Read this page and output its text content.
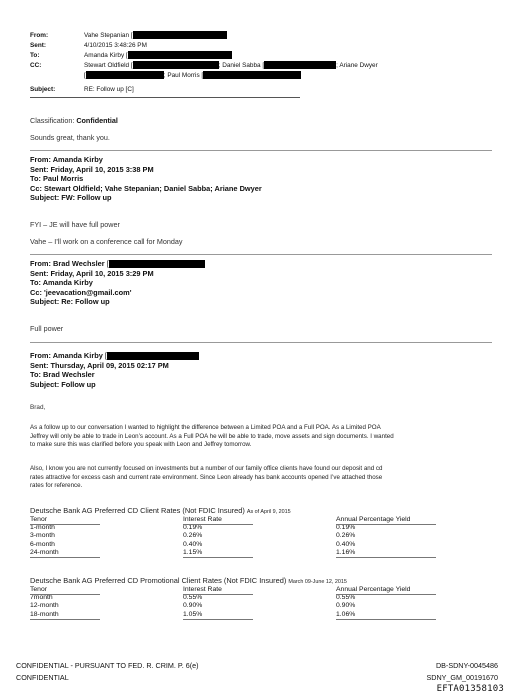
From:	Vahe Stepanian [
Sent:	4/10/2015 3:48:26 PM
To:	Amanda Kirby [
CC:	Stewart Oldfield [	; Daniel Sabba [	; Ariane Dwyer
; Paul Morris [
Subject:	RE: Follow up [C]
Classification: Confidential
Sounds great, thank you.
From: Amanda Kirby
Sent: Friday, April 10, 2015 3:38 PM
To: Paul Morris
Cc: Stewart Oldfield; Vahe Stepanian; Daniel Sabba; Ariane Dwyer
Subject: FW: Follow up
FYI – JE will have full power
Vahe – I’ll work on a conference call for Monday
From: Brad Wechsler [
Sent: Friday, April 10, 2015 3:29 PM
To: Amanda Kirby
Cc: 'jeevacation@gmail.com'
Subject: Re: Follow up
Full power
From: Amanda Kirby [
Sent: Thursday, April 09, 2015 02:17 PM
To: Brad Wechsler
Subject: Follow up
Brad,
As a follow up to our conversation I wanted to highlight the difference between a Limited POA and a Full POA. As a Limited POA
Jeffrey will only be able to trade in Leon’s account. As a Full POA he will be able to trade, move assets and sign documents. I wanted
to make sure this was clarified before you speak with Leon and Jeffrey tomorrow.
Also, I know you are not currently focused on investments but a number of our family office clients have found our deposit and cd
rates attractive for excess cash and current rate environment. Since Leon already has bank accounts opened I’ve attached those
rates for reference.
Deutsche Bank AG Preferred CD Client Rates (Not FDIC Insured) As of April 9, 2015
Tenor	Interest Rate	Annual Percentage Yield
1-month	0.19%	0.19%
3-month	0.26%	0.26%
6-month	0.40%	0.40%
24-month	1.15%	1.16%
Deutsche Bank AG Preferred CD Promotional Client Rates (Not FDIC Insured) March 09-June 12, 2015
Tenor	Interest Rate	Annual Percentage Yield
7month	0.55%	0.55%
12-month	0.90%	0.90%
18-month	1.05%	1.06%
CONFIDENTIAL - PURSUANT TO FED. R. CRIM. P. 6(e)
CONFIDENTIAL
DB-SDNY-0045486
SDNY_GM_00191670
EFTA01358103
